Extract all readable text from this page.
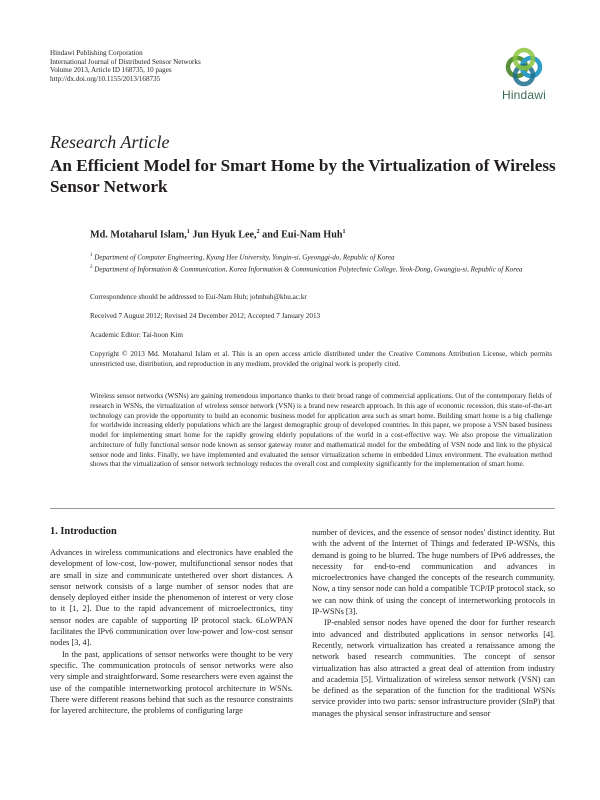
Hindawi Publishing Corporation
International Journal of Distributed Sensor Networks
Volume 2013, Article ID 168735, 10 pages
http://dx.doi.org/10.1155/2013/168735
Hindawi
Research Article
An Efficient Model for Smart Home by the Virtualization of Wireless Sensor Network
Md. Motaharul Islam,$^1$ Jun Hyuk Lee,$^2$ and Eui-Nam Huh$^1$
$^1$ Department of Computer Engineering, Kyung Hee University, Yongin-si, Gyeonggi-do, Republic of Korea
$^2$ Department of Information & Communication, Korea Information & Communication Polytechnic College, Yeok-Dong, Gwangju-si, Republic of Korea
Correspondence should be addressed to Eui-Nam Huh; johnhuh@khu.ac.kr
Received 7 August 2012; Revised 24 December 2012; Accepted 7 January 2013
Academic Editor: Tai-hoon Kim
Copyright © 2013 Md. Motaharul Islam et al. This is an open access article distributed under the Creative Commons Attribution License, which permits unrestricted use, distribution, and reproduction in any medium, provided the original work is properly cited.
Wireless sensor networks (WSNs) are gaining tremendous importance thanks to their broad range of commercial applications. Out of the contemporary fields of research in WSNs, the virtualization of wireless sensor network (VSN) is a brand new research approach. In this age of economic recession, this state-of-the-art technology can provide the opportunity to build an economic business model for application area such as smart home. Building smart home is a big challenge for worldwide increasing elderly populations which are the largest demographic group of developed countries. In this paper, we propose a VSN based business model for implementing smart home for the rapidly growing elderly populations of the world in a cost-effective way. We also propose the virtualization architecture of fully functional sensor node known as sensor gateway router and mathematical model for the embedding of VSN node and link to the physical sensor node and links. Finally, we have implemented and evaluated the sensor virtualization scheme in embedded Linux environment. The evaluation method shows that the virtualization of sensor network technology reduces the overall cost and complexity significantly for the implementation of smart home.
1. Introduction

Advances in wireless communications and electronics have enabled the development of low-cost, low-power, multifunctional sensor nodes that are small in size and communicate untethered over short distances. A sensor network consists of a large number of sensor nodes that are densely deployed either inside the phenomenon of interest or very close to it [1, 2]. Due to the rapid advancement of microelectronics, tiny sensor nodes are capable of supporting IP protocol stack. 6LoWPAN facilitates the IPv6 communication over low-power and low-cost sensor nodes [3, 4].

In the past, applications of sensor networks were thought to be very specific. The communication protocols of sensor networks were also very simple and straightforward. Some researchers were even against the use of the compatible internetworking protocol architecture in WSNs. There were different reasons behind that such as the resource constraints for layered architecture, the problems of configuring large

number of devices, and the essence of sensor nodes' distinct identity. But with the advent of the Internet of Things and federated IP-WSNs, this demand is going to be blurred. The huge numbers of IPv6 addresses, the necessity for end-to-end communication and advances in microelectronics have changed the concepts of the research community. Now, a tiny sensor node can hold a compatible TCP/IP protocol stack, so we can now think of using the concept of internetworking protocols in IP-WSNs [3].

IP-enabled sensor nodes have opened the door for further research into advanced and distributed applications in sensor networks [4]. Recently, network virtualization has created a renaissance among the network based research communities. The concept of sensor virtualization has also attracted a great deal of attention from industry and academia [5]. Virtualization of wireless sensor network (VSN) can be defined as the separation of the function for the traditional WSNs service provider into two parts: sensor infrastructure provider (SInP) that manages the physical sensor infrastructure and sensor
